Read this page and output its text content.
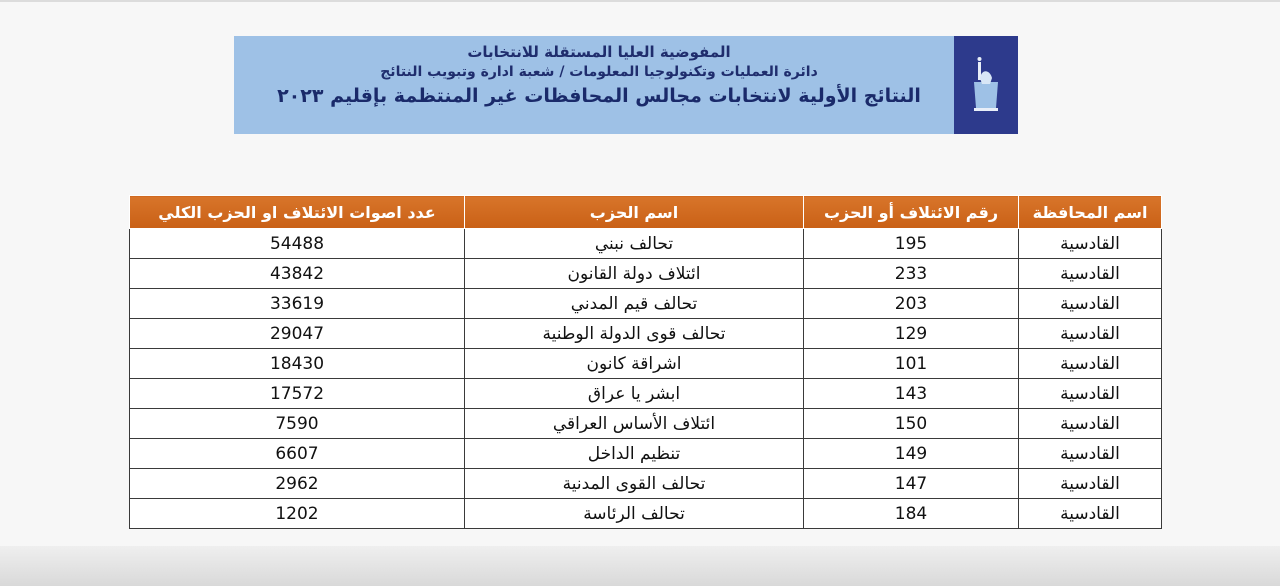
المفوضية العليا المستقلة للانتخابات
دائرة العمليات وتكنولوجيا المعلومات / شعبة ادارة وتبويب النتائج
النتائج الأولية لانتخابات مجالس المحافظات غير المنتظمة بإقليم ٢٠٢٣
اسم المحافظة	رقم الائتلاف أو الحزب	اسم الحزب	عدد اصوات الائتلاف او الحزب الكلي
القادسية	195	تحالف نبني	54488
القادسية	233	ائتلاف دولة القانون	43842
القادسية	203	تحالف قيم المدني	33619
القادسية	129	تحالف قوى الدولة الوطنية	29047
القادسية	101	اشراقة كانون	18430
القادسية	143	ابشر يا عراق	17572
القادسية	150	ائتلاف الأساس العراقي	7590
القادسية	149	تنظيم الداخل	6607
القادسية	147	تحالف القوى المدنية	2962
القادسية	184	تحالف الرئاسة	1202
